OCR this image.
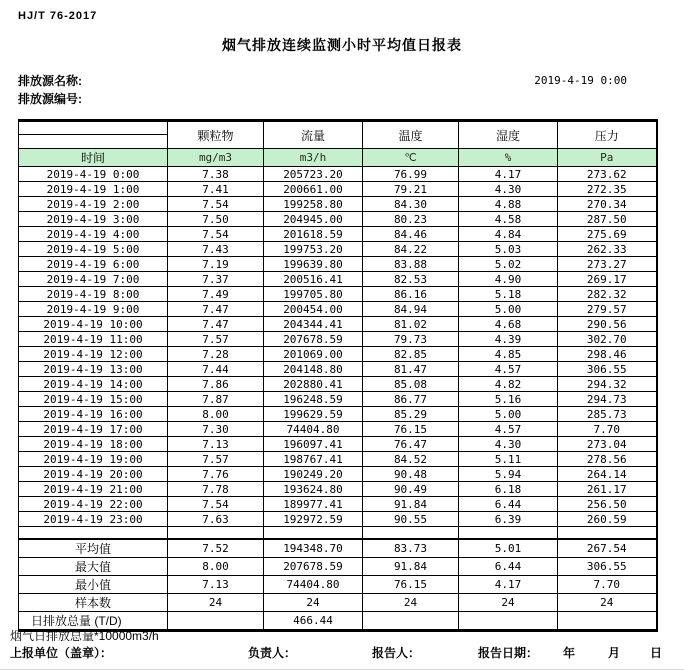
HJ/T 76-2017
烟气排放连续监测小时平均值日报表
排放源名称:
排放源编号:
2019-4-19 0:00
	颗粒物	流量	温度	湿度	压力

时间	mg/m3	m3/h	℃	%	Pa
2019-4-19 0:00	7.38	205723.20	76.99	4.17	273.62
2019-4-19 1:00	7.41	200661.00	79.21	4.30	272.35
2019-4-19 2:00	7.54	199258.80	84.30	4.88	270.34
2019-4-19 3:00	7.50	204945.00	80.23	4.58	287.50
2019-4-19 4:00	7.54	201618.59	84.46	4.84	275.69
2019-4-19 5:00	7.43	199753.20	84.22	5.03	262.33
2019-4-19 6:00	7.19	199639.80	83.88	5.02	273.27
2019-4-19 7:00	7.37	200516.41	82.53	4.90	269.17
2019-4-19 8:00	7.49	199705.80	86.16	5.18	282.32
2019-4-19 9:00	7.47	200454.00	84.94	5.00	279.57
2019-4-19 10:00	7.47	204344.41	81.02	4.68	290.56
2019-4-19 11:00	7.57	207678.59	79.73	4.39	302.70
2019-4-19 12:00	7.28	201069.00	82.85	4.85	298.46
2019-4-19 13:00	7.44	204148.80	81.47	4.57	306.55
2019-4-19 14:00	7.86	202880.41	85.08	4.82	294.32
2019-4-19 15:00	7.87	196248.59	86.77	5.16	294.73
2019-4-19 16:00	8.00	199629.59	85.29	5.00	285.73
2019-4-19 17:00	7.30	74404.80	76.15	4.57	7.70
2019-4-19 18:00	7.13	196097.41	76.47	4.30	273.04
2019-4-19 19:00	7.57	198767.41	84.52	5.11	278.56
2019-4-19 20:00	7.76	190249.20	90.48	5.94	264.14
2019-4-19 21:00	7.78	193624.80	90.49	6.18	261.17
2019-4-19 22:00	7.54	189977.41	91.84	6.44	256.50
2019-4-19 23:00	7.63	192972.59	90.55	6.39	260.59

平均值	7.52	194348.70	83.73	5.01	267.54
最大值	8.00	207678.59	91.84	6.44	306.55
最小值	7.13	74404.80	76.15	4.17	7.70
样本数	24	24	24	24	24
日排放总量 (T/D)		466.44			
烟气日排放总量*10000m3/h
上报单位（盖章）：	负责人：	报告人：	报告日期： 年	月 日
